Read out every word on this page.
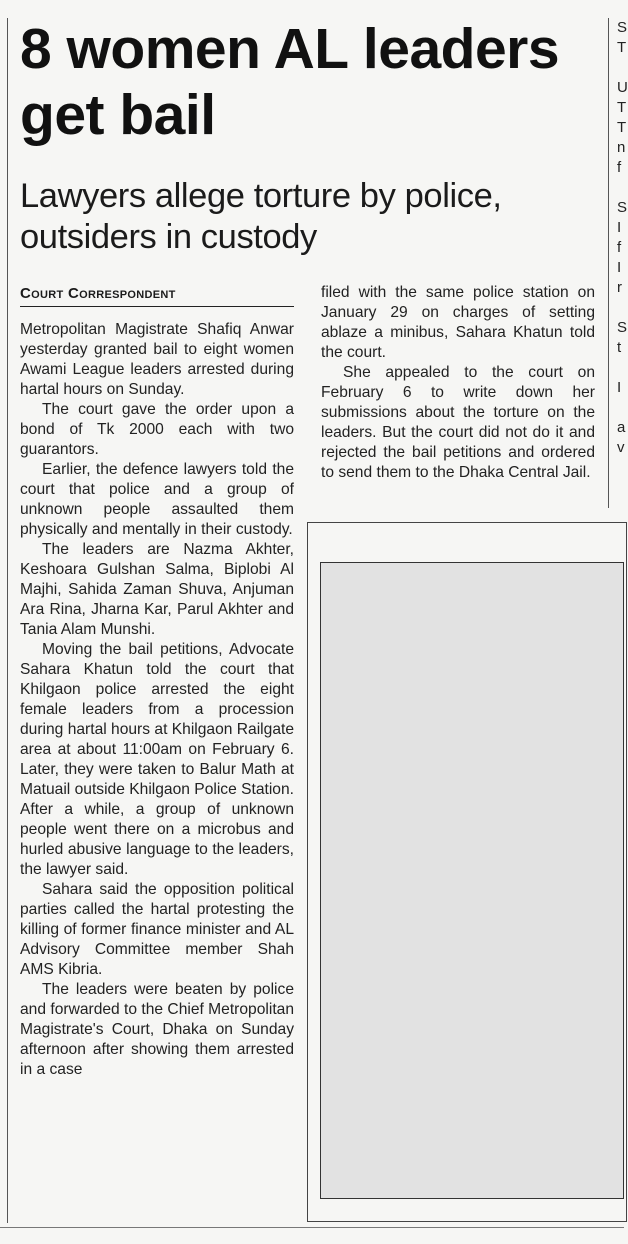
8 women AL leaders get bail
Lawyers allege torture by police, outsiders in custody
Court Correspondent

Metropolitan Magistrate Shafiq Anwar yesterday granted bail to eight women Awami League leaders arrested during hartal hours on Sunday.

The court gave the order upon a bond of Tk 2000 each with two guarantors.

Earlier, the defence lawyers told the court that police and a group of unknown people assaulted them physically and mentally in their custody.

The leaders are Nazma Akhter, Keshoara Gulshan Salma, Biplobi Al Majhi, Sahida Zaman Shuva, Anjuman Ara Rina, Jharna Kar, Parul Akhter and Tania Alam Munshi.

Moving the bail petitions, Advocate Sahara Khatun told the court that Khilgaon police arrested the eight female leaders from a procession during hartal hours at Khilgaon Railgate area at about 11:00am on February 6. Later, they were taken to Balur Math at Matuail outside Khilgaon Police Station. After a while, a group of unknown people went there on a microbus and hurled abusive language to the leaders, the lawyer said.

Sahara said the opposition political parties called the hartal protesting the killing of former finance minister and AL Advisory Committee member Shah AMS Kibria.

The leaders were beaten by police and forwarded to the Chief Metropolitan Magistrate's Court, Dhaka on Sunday afternoon after showing them arrested in a case

filed with the same police station on January 29 on charges of setting ablaze a minibus, Sahara Khatun told the court.

She appealed to the court on February 6 to write down her submissions about the torture on the leaders. But the court did not do it and rejected the bail petitions and ordered to send them to the Dhaka Central Jail.

S
T
U
T
T
n
f
S
I
f
I
r
S
t
I
a
v
